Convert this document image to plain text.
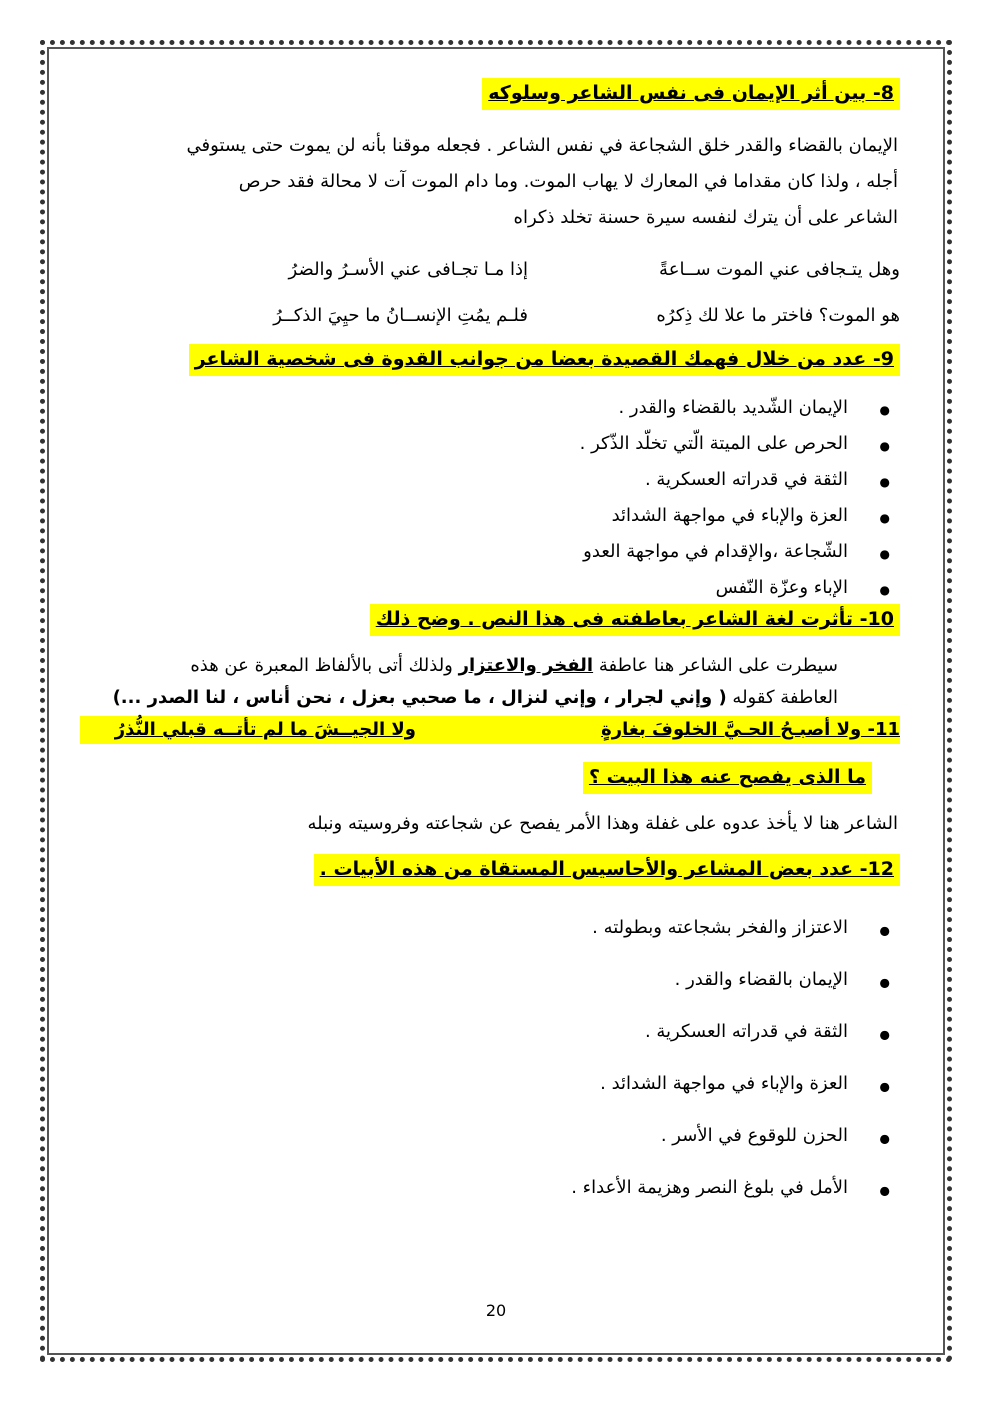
8- بين أثر الإيمان فى نفس الشاعر وسلوكه

الإيمان بالقضاء والقدر خلق الشجاعة في نفس الشاعر . فجعله موقنا بأنه لن يموت حتى يستوفي

أجله ، ولذا كان مقداما في المعارك لا يهاب الموت. وما دام الموت آت لا محالة فقد حرص

الشاعر على أن يترك لنفسه سيرة حسنة تخلد ذكراه

وهل يتـجافى عني الموت ســاعةً
إذا مـا تجـافى عني الأسـرُ والضرُ
هو الموت؟ فاختر ما علا لك ذِكرُه
فلـم يمُتِ الإنســانُ ما حيِيَ الذكــرُ
9- عدد من خلال فهمك القصيدة بعضا من جوانب القدوة فى شخصية الشاعر
● الإيمان الشّديد بالقضاء والقدر .
● الحرص على الميتة الّتي تخلّد الذّكر .
● الثقة في قدراته العسكرية .
● العزة والإباء في مواجهة الشدائد
● الشّجاعة ،والإقدام في مواجهة العدو
● الإباء وعزّة النّفس
10- تأثرت لغة الشاعر بعاطفته فى هذا النص . وضح ذلك

سيطرت على الشاعر هنا عاطفة الفخر والاعتزار ولذلك أتى بالألفاظ المعبرة عن هذه

العاطفة كقوله ( وإني لجرار ، وإني لنزال ، ما صحبي بعزل ، نحن أناس ، لنا الصدر ...)

11- ولا أصبـحُ الحـيَّ الخلوفَ بغارةٍ
ولا الجيــشَ ما لم تأتــه قبلي النُّذرُ
ما الذى يفصح عنه هذا البيت ؟

الشاعر هنا لا يأخذ عدوه على غفلة وهذا الأمر يفصح عن شجاعته وفروسيته ونبله

12- عدد بعض المشاعر والأحاسيس المستقاة من هذه الأبيات .
● الاعتزاز والفخر بشجاعته وبطولته .
● الإيمان بالقضاء والقدر .
● الثقة في قدراته العسكرية .
● العزة والإباء في مواجهة الشدائد .
● الحزن للوقوع في الأسر .
● الأمل في بلوغ النصر وهزيمة الأعداء .
20
